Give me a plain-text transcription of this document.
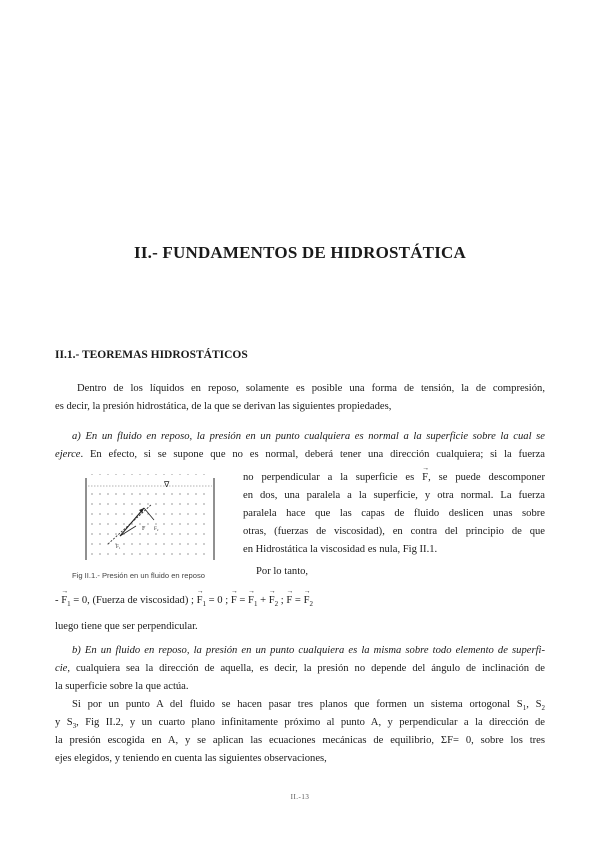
II.- FUNDAMENTOS DE HIDROSTÁTICA
II.1.- TEOREMAS HIDROSTÁTICOS
Dentro de los líquidos en reposo, solamente es posible una forma de tensión, la de compresión,
es decir, la presión hidrostática, de la que se derivan las siguientes propiedades,
a) En un fluido en reposo, la presión en un punto cualquiera es normal a la superficie sobre la cual se
ejerce. En efecto, si se supone que no es normal, deberá tener una dirección cualquiera; si la fuerza
no perpendicular a la superficie es → F, se puede descomponer
en dos, una paralela a la superficie, y otra normal. La fuerza
paralela hace que las capas de fluido deslicen unas sobre
otras, (fuerzas de viscosidad), en contra del principio de que
en Hidrostática la viscosidad es nula, Fig II.1.
Por lo tanto,
∇
F F₂
F₁
Fig II.1.- Presión en un fluido en reposo
- → $F_1 = 0$, (Fuerza de viscosidad) ; → $F_1 = 0$ ; → F = → $F_1$ + → $F_2$ ; → F = → $F_2$
luego tiene que ser perpendicular.
b) En un fluido en reposo, la presión en un punto cualquiera es la misma sobre todo elemento de superfi-
cie, cualquiera sea la dirección de aquella, es decir, la presión no depende del ángulo de inclinación de
la superficie sobre la que actúa.
Si por un punto A del fluido se hacen pasar tres planos que formen un sistema ortogonal $S_1$, $S_2$
y $S_3$, Fig II.2, y un cuarto plano infinitamente próximo al punto A, y perpendicular a la dirección de
la presión escogida en A, y se aplican las ecuaciones mecánicas de equilibrio, ΣF= 0, sobre los tres
ejes elegidos, y teniendo en cuenta las siguientes observaciones,
II.-13
